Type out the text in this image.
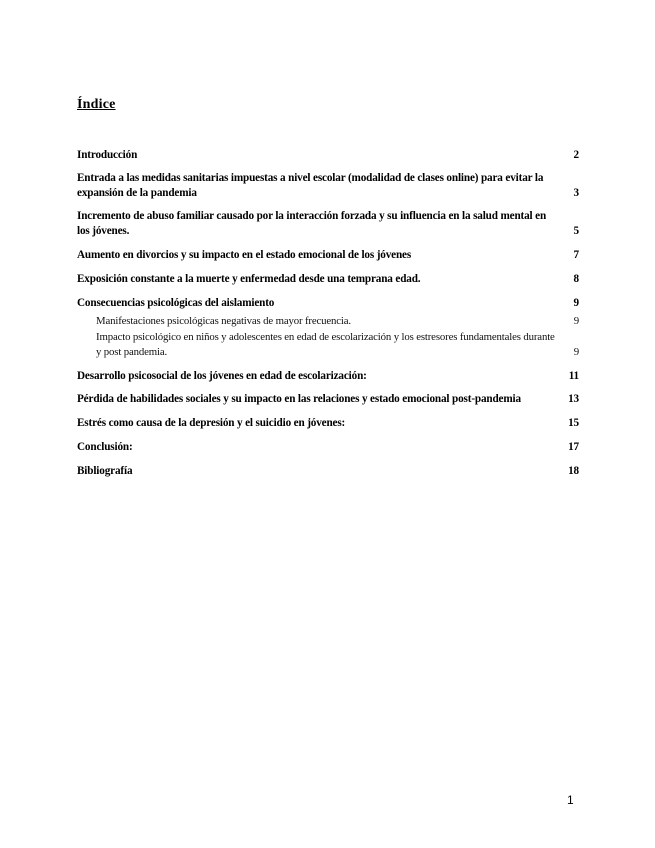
Índice
Introducción	2
Entrada a las medidas sanitarias impuestas a nivel escolar (modalidad de clases online) para evitar la expansión de la pandemia	3
Incremento de abuso familiar causado por la interacción forzada y su influencia en la salud mental en los jóvenes.	5
Aumento en divorcios y su impacto en el estado emocional de los jóvenes	7
Exposición constante a la muerte y enfermedad desde una temprana edad.	8
Consecuencias psicológicas del aislamiento	9
Manifestaciones psicológicas negativas de mayor frecuencia.	9
Impacto psicológico en niños y adolescentes en edad de escolarización y los estresores fundamentales durante y post pandemia.	9
Desarrollo psicosocial de los jóvenes en edad de escolarización:	11
Pérdida de habilidades sociales y su impacto en las relaciones y estado emocional post-pandemia	13
Estrés como causa de la depresión y el suicidio en jóvenes:	15
Conclusión:	17
Bibliografía	18
1
